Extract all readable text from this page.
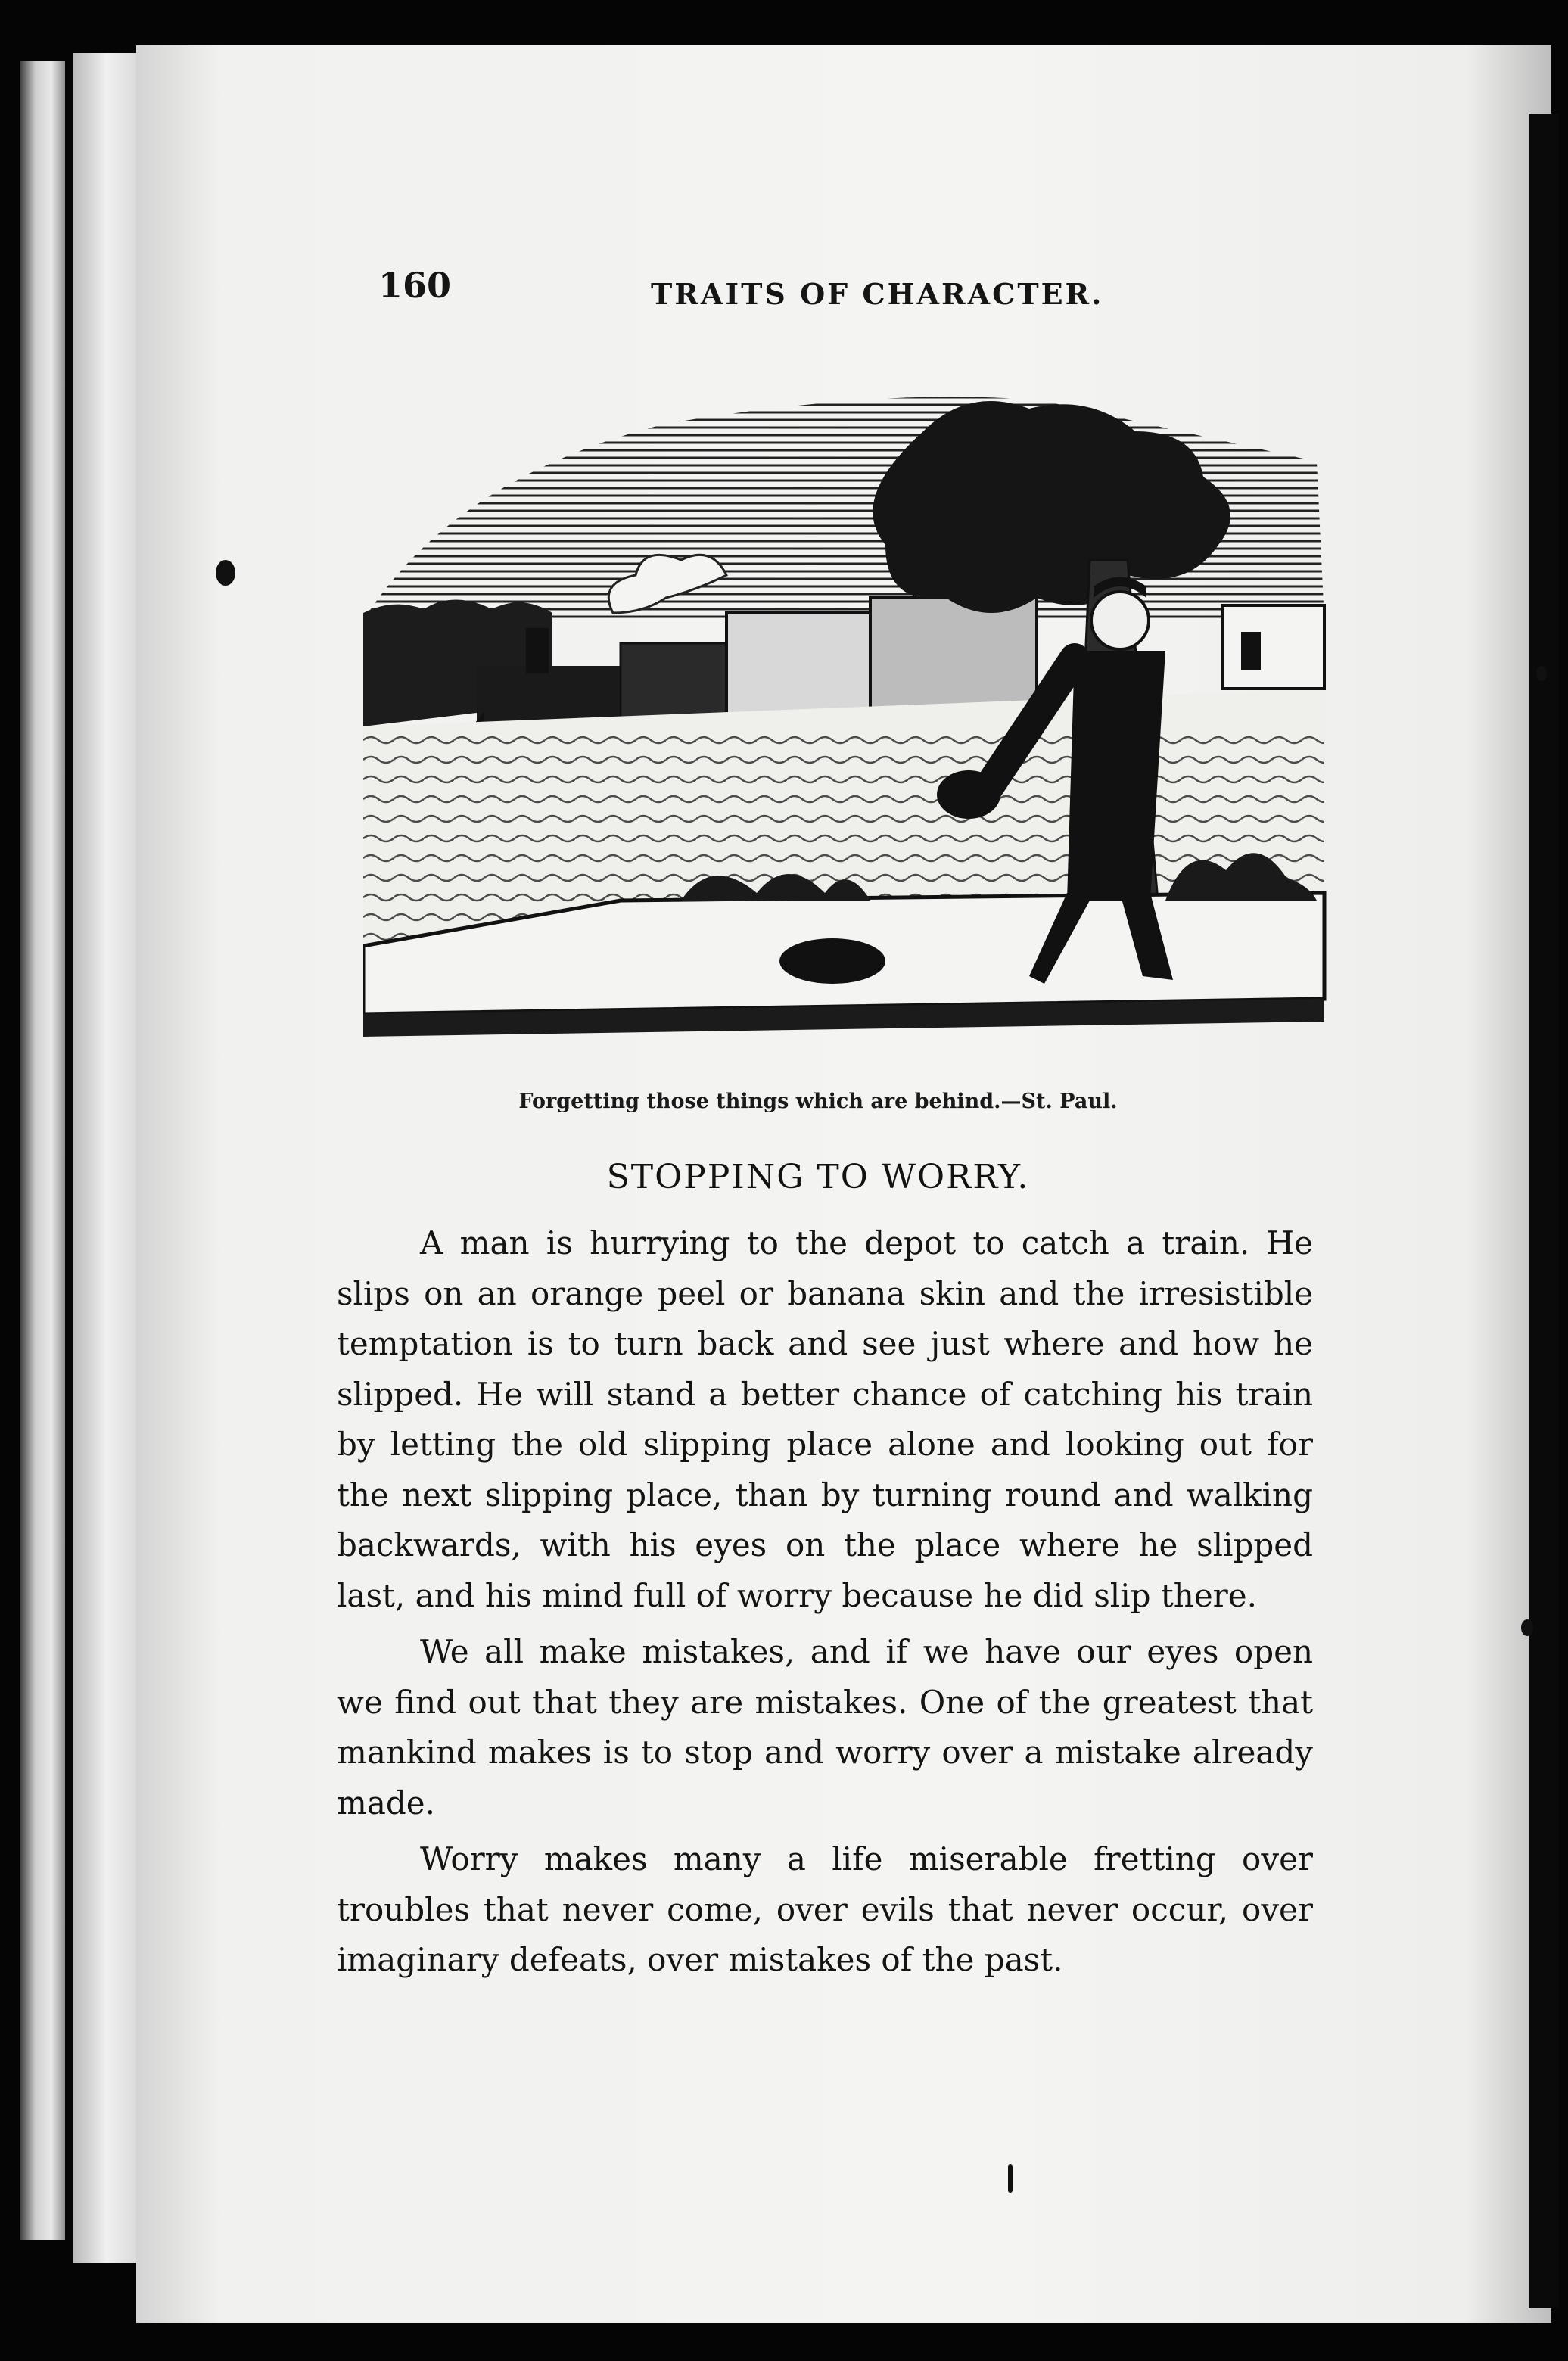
160	TRAITS OF CHARACTER.
Forgetting those things which are behind.—St. Paul.
STOPPING TO WORRY.

A man is hurrying to the depot to catch a train. He slips on an orange peel or banana skin and the irresistible temptation is to turn back and see just where and how he slipped. He will stand a better chance of catching his train by letting the old slipping place alone and looking out for the next slipping place, than by turning round and walking backwards, with his eyes on the place where he slipped last, and his mind full of worry because he did slip there.

We all make mistakes, and if we have our eyes open we find out that they are mistakes. One of the greatest that mankind makes is to stop and worry over a mistake already made.

Worry makes many a life miserable fretting over troubles that never come, over evils that never occur, over imaginary defeats, over mistakes of the past.
